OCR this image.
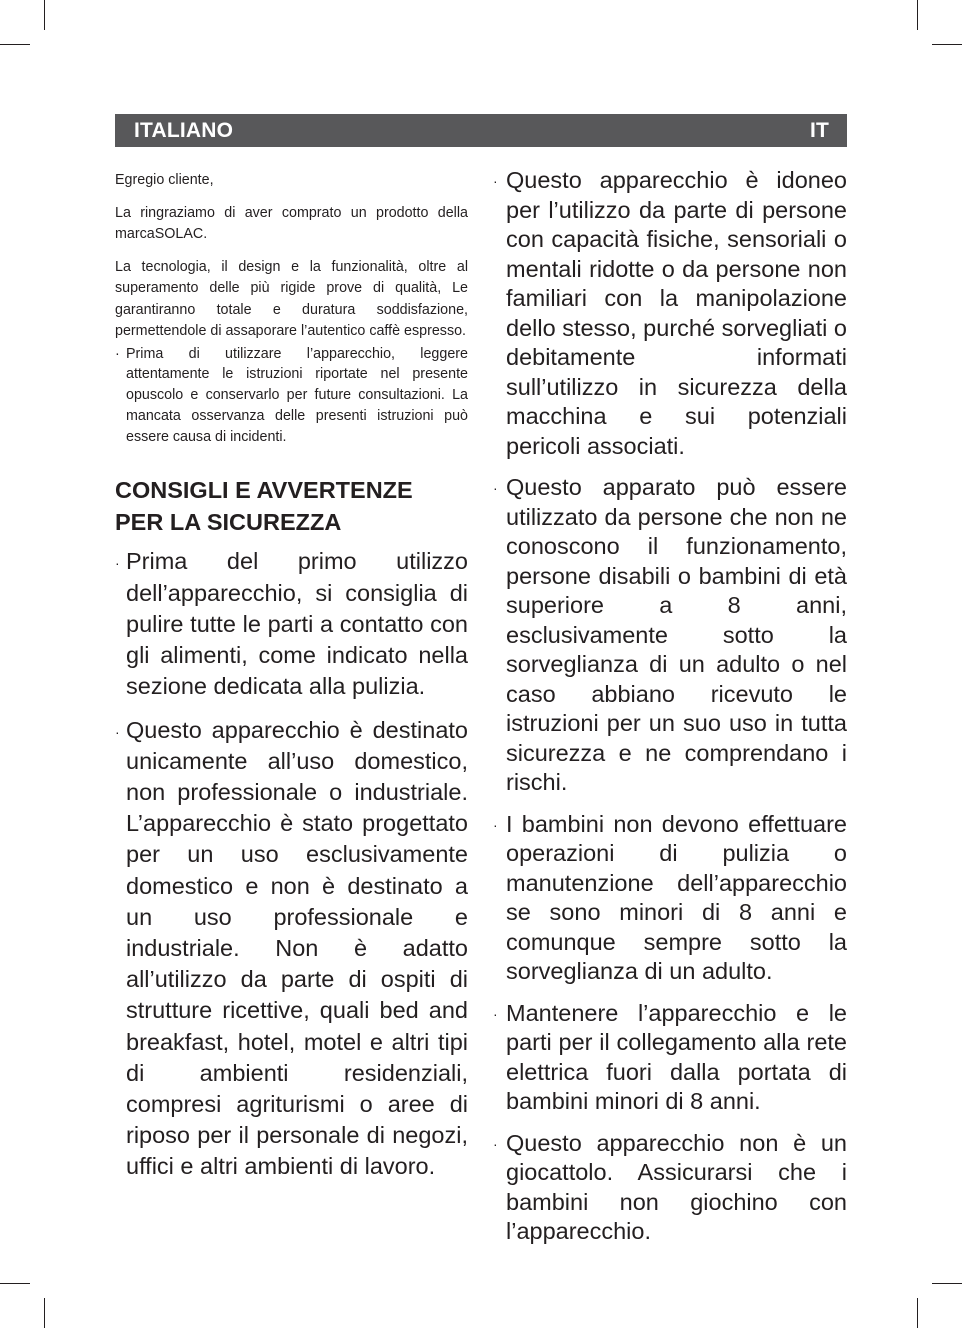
ITALIANO	IT

Egregio cliente,

La ringraziamo di aver comprato un prodotto della marcaSOLAC.

La tecnologia, il design e la funzionalità, oltre al superamento delle più rigide prove di qualità, Le garantiranno totale e duratura soddisfazione, permettendole di assaporare l’autentico caffè espresso.

· Prima di utilizzare l’apparecchio, leggere attentamente le istruzioni riportate nel presente opuscolo e conservarlo per future consultazioni. La mancata osservanza delle presenti istruzioni può essere causa di incidenti.
CONSIGLI E AVVERTENZE
PER LA SICUREZZA
· Prima del primo utilizzo dell’apparecchio, si consiglia di pulire tutte le parti a contatto con gli alimenti, come indicato nella sezione dedicata alla pulizia.
· Questo apparecchio è destinato unicamente all’uso domestico, non professionale o industriale. L’apparecchio è stato progettato per un uso esclusivamente domestico e non è destinato a un uso professionale e industriale. Non è adatto all’utilizzo da parte di ospiti di strutture ricettive, quali bed and breakfast, hotel, motel e altri tipi di ambienti residenziali, compresi agriturismi o aree di riposo per il personale di negozi, uffici e altri ambienti di lavoro.
· Questo apparecchio è idoneo per l’utilizzo da parte di persone con capacità fisiche, sensoriali o mentali ridotte o da persone non familiari con la manipolazione dello stesso, purché sorvegliati o debitamente informati sull’utilizzo in sicurezza della macchina e sui potenziali pericoli associati.
· Questo apparato può essere utilizzato da persone che non ne conoscono il funzionamento, persone disabili o bambini di età superiore a 8 anni, esclusivamente sotto la sorveglianza di un adulto o nel caso abbiano ricevuto le istruzioni per un suo uso in tutta sicurezza e ne comprendano i rischi.
· I bambini non devono effettuare operazioni di pulizia o manutenzione dell’apparecchio se sono minori di 8 anni e comunque sempre sotto la sorveglianza di un adulto.
· Mantenere l’apparecchio e le parti per il collegamento alla rete elettrica fuori dalla portata di bambini minori di 8 anni.
· Questo apparecchio non è un giocattolo. Assicurarsi che i bambini non giochino con l’apparecchio.
